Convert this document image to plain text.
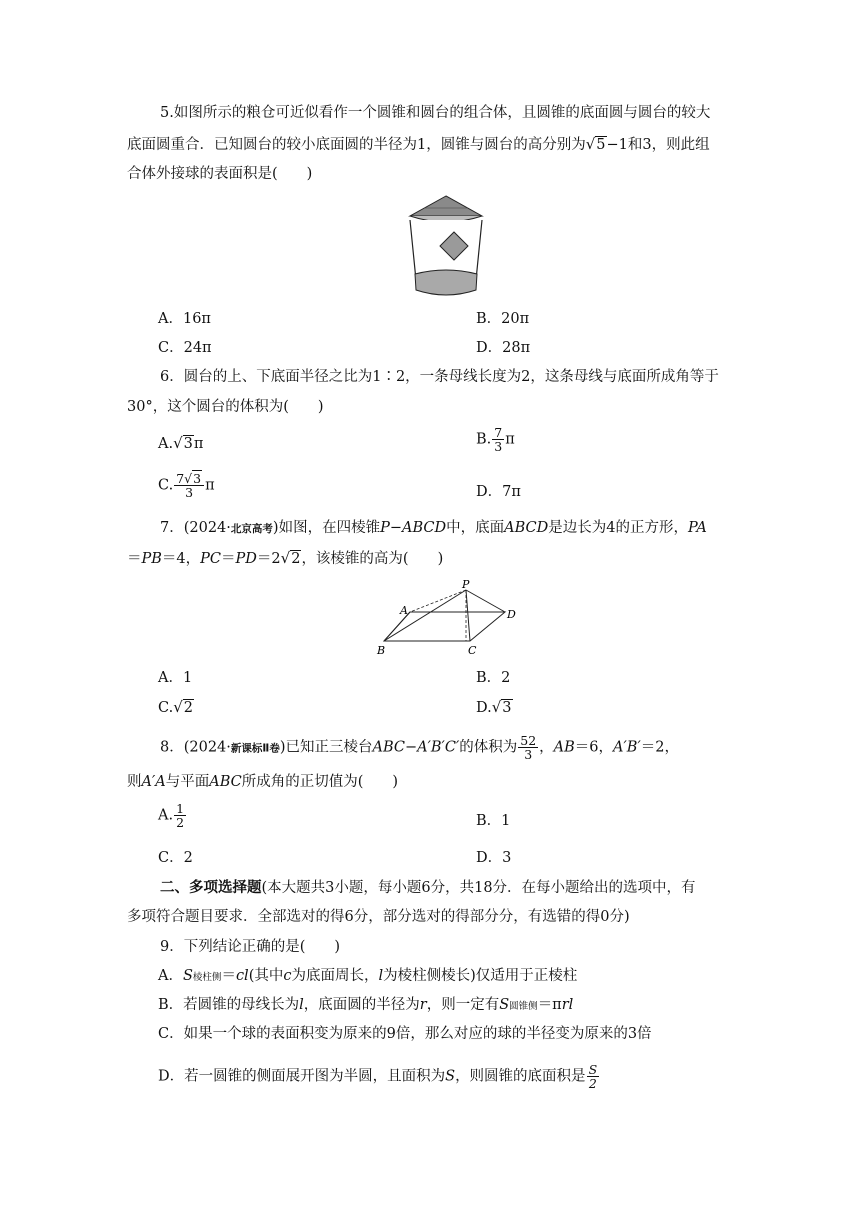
5.如图所示的粮仓可近似看作一个圆锥和圆台的组合体，且圆锥的底面圆与圆台的较大
底面圆重合．已知圆台的较小底面圆的半径为1，圆锥与圆台的高分别为√5−1和3，则此组
合体外接球的表面积是(　　)
A．16π	B．20π
C．24π	D．28π
6．圆台的上、下底面半径之比为1∶2，一条母线长度为2，这条母线与底面所成角等于
30°，这个圆台的体积为(　　)
A.√3π	B. $\frac{7}{3}$ π
C. $\frac{7√3}{3}$ π	D．7π
7．(2024·北京高考)如图，在四棱锥P−ABCD中，底面ABCD是边长为4的正方形，PA
＝PB＝4，PC＝PD＝2√2，该棱锥的高为(　　)
P
A
B	C
D
A．1	B．2
C.√2	D.√3
8．(2024·新课标Ⅱ卷)已知正三棱台ABC−A′B′C′的体积为 $\frac{52}{3}$ ，AB＝6，A′B′＝2，
则A′A与平面ABC所成角的正切值为(　　)
A. $\frac{1}{2}$	B．1
C．2	D．3
二、多项选择题(本大题共3小题，每小题6分，共18分．在每小题给出的选项中，有
多项符合题目要求．全部选对的得6分，部分选对的得部分分，有选错的得0分)
9．下列结论正确的是(　　)
A．S棱柱侧＝cl(其中c为底面周长，l为棱柱侧棱长)仅适用于正棱柱
B．若圆锥的母线长为l，底面圆的半径为r，则一定有S圆锥侧＝πrl
C．如果一个球的表面积变为原来的9倍，那么对应的球的半径变为原来的3倍
D．若一圆锥的侧面展开图为半圆，且面积为S，则圆锥的底面积是 $\frac{S}{2}$
